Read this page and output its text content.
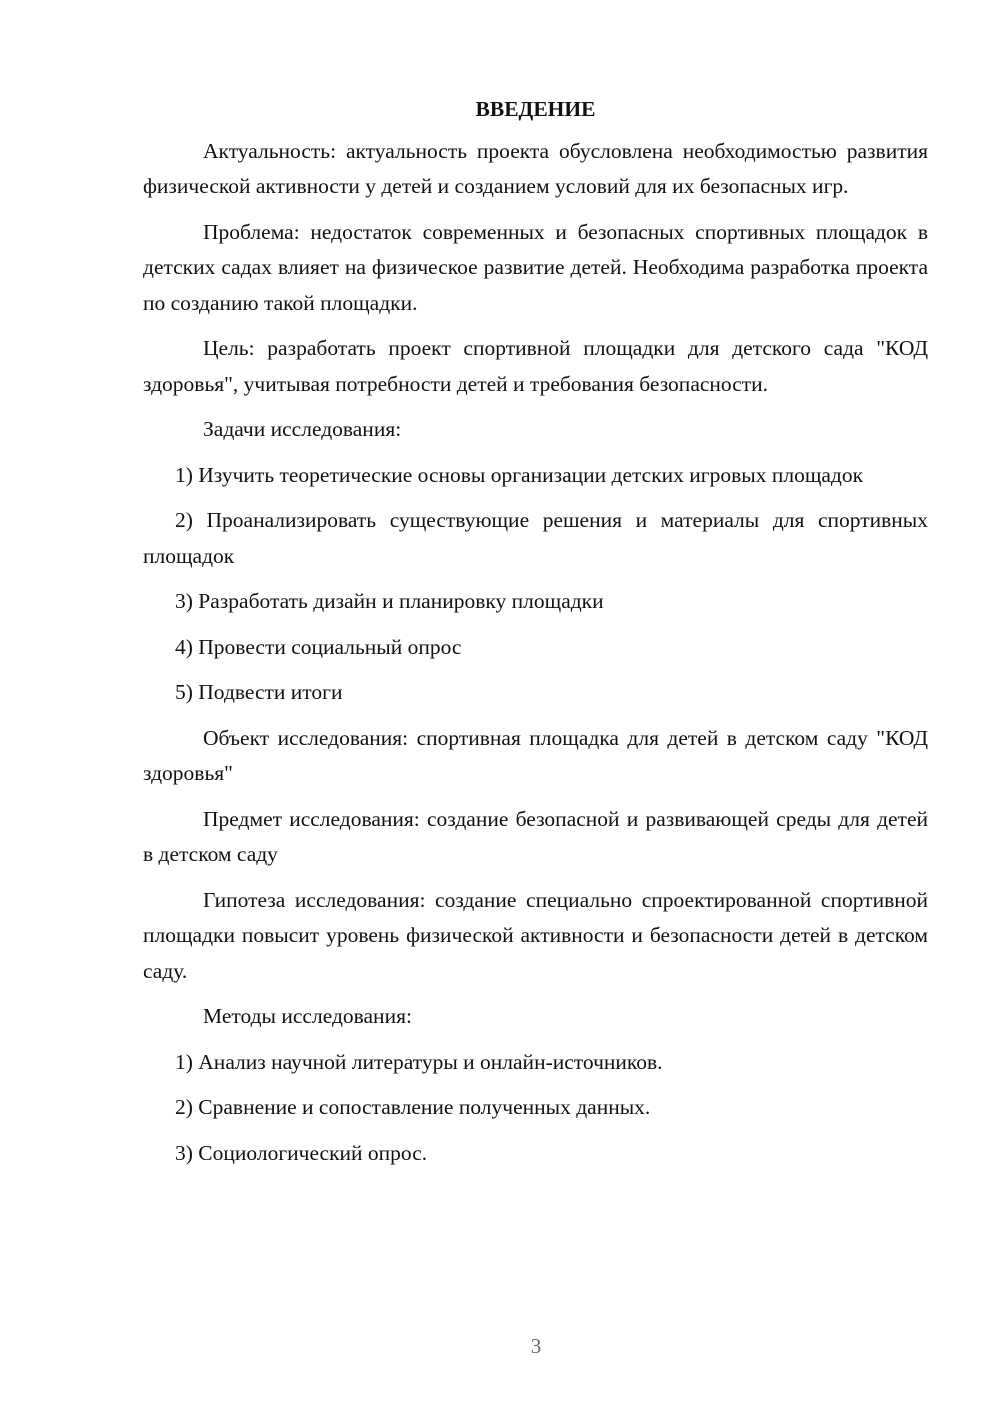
ВВЕДЕНИЕ
Актуальность: актуальность проекта обусловлена необходимостью развития физической активности у детей и созданием условий для их безопасных игр.
Проблема: недостаток современных и безопасных спортивных площадок в детских садах влияет на физическое развитие детей. Необходима разработка проекта по созданию такой площадки.
Цель: разработать проект спортивной площадки для детского сада "КОД здоровья", учитывая потребности детей и требования безопасности.
Задачи исследования:
1) Изучить теоретические основы организации детских игровых площадок
2) Проанализировать существующие решения и материалы для спортивных площадок
3) Разработать дизайн и планировку площадки
4) Провести социальный опрос
5) Подвести итоги
Объект исследования: спортивная площадка для детей в детском саду "КОД здоровья"
Предмет исследования: создание безопасной и развивающей среды для детей в детском саду
Гипотеза исследования: создание специально спроектированной спортивной площадки повысит уровень физической активности и безопасности детей в детском саду.
Методы исследования:
1) Анализ научной литературы и онлайн-источников.
2) Сравнение и сопоставление полученных данных.
3) Социологический опрос.
3
